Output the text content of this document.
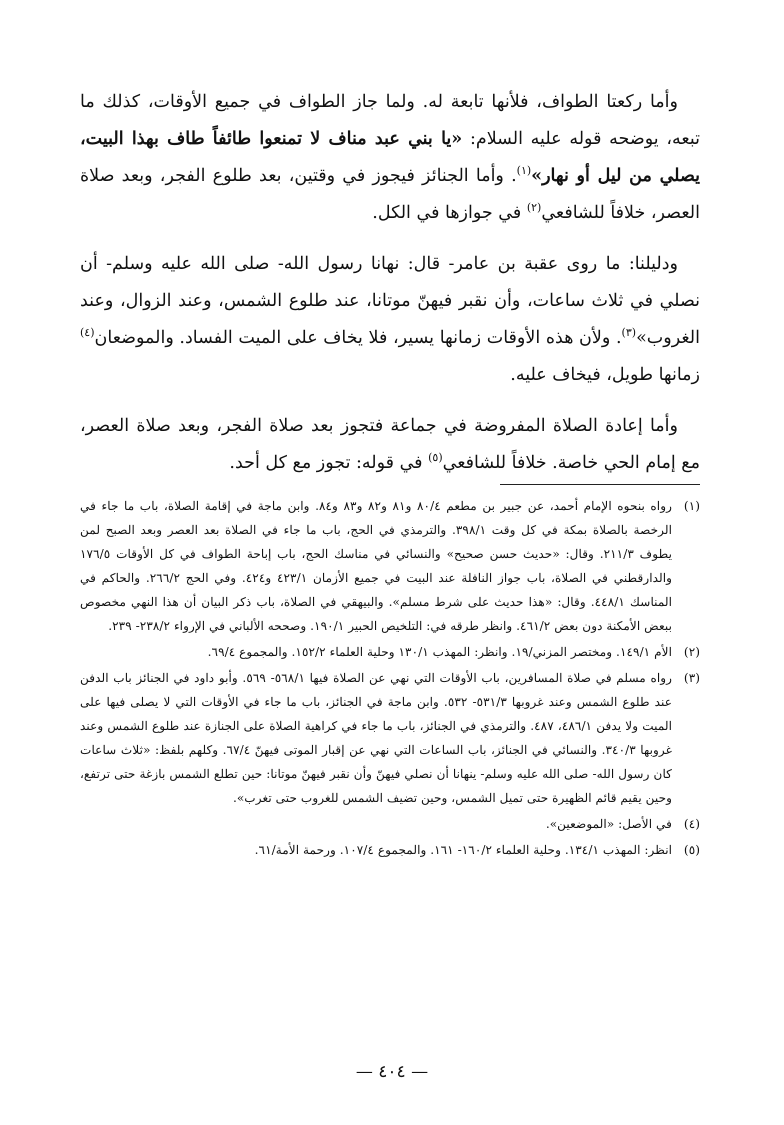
وأما ركعتا الطواف، فلأنها تابعة له. ولما جاز الطواف في جميع الأوقات، كذلك ما تبعه، يوضحه قوله عليه السلام: «يا بني عبد مناف لا تمنعوا طائفاً طاف بهذا البيت، يصلي من ليل أو نهار»$^{(١)}$. وأما الجنائز فيجوز في وقتين، بعد طلوع الفجر، وبعد صلاة العصر، خلافاً للشافعي$^{(٢)}$ في جوازها في الكل.

ودليلنا: ما روى عقبة بن عامر- قال: نهانا رسول الله- صلى الله عليه وسلم- أن نصلي في ثلاث ساعات، وأن نقبر فيهنّ موتانا، عند طلوع الشمس، وعند الزوال، وعند الغروب»$^{(٣)}$. ولأن هذه الأوقات زمانها يسير، فلا يخاف على الميت الفساد. والموضعان$^{(٤)}$ زمانها طويل، فيخاف عليه.

وأما إعادة الصلاة المفروضة في جماعة فتجوز بعد صلاة الفجر، وبعد صلاة العصر، مع إمام الحي خاصة. خلافاً للشافعي$^{(٥)}$ في قوله: تجوز مع كل أحد.

(١)
رواه بنحوه الإمام أحمد، عن جبير بن مطعم ٨٠/٤ و٨١ و٨٢ و٨٣ و٨٤. وابن ماجة في إقامة الصلاة، باب ما جاء في الرخصة بالصلاة بمكة في كل وقت ٣٩٨/١. والترمذي في الحج، باب ما جاء في الصلاة بعد العصر وبعد الصبح لمن يطوف ٢١١/٣. وقال: «حديث حسن صحيح» والنسائي في مناسك الحج، باب إباحة الطواف في كل الأوقات ١٧٦/٥ والدارقطني في الصلاة، باب جواز النافلة عند البيت في جميع الأزمان ٤٢٣/١ و٤٢٤. وفي الحج ٢٦٦/٢. والحاكم في المناسك ٤٤٨/١. وقال: «هذا حديث على شرط مسلم». والبيهقي في الصلاة، باب ذكر البيان أن هذا النهي مخصوص ببعض الأمكنة دون بعض ٤٦١/٢. وانظر طرقه في: التلخيص الحبير ١٩٠/١. وصححه الألباني في الإرواء ٢٣٨/٢- ٢٣٩.
(٢)
الأم ١٤٩/١. ومختصر المزني/١٩. وانظر: المهذب ١٣٠/١ وحلية العلماء ١٥٢/٢. والمجموع ٦٩/٤.
(٣)
رواه مسلم في صلاة المسافرين، باب الأوقات التي نهي عن الصلاة فيها ٥٦٨/١- ٥٦٩. وأبو داود في الجنائز باب الدفن عند طلوع الشمس وعند غروبها ٥٣١/٣- ٥٣٢. وابن ماجة في الجنائز، باب ما جاء في الأوقات التي لا يصلى فيها على الميت ولا يدفن ٤٨٦/١، ٤٨٧. والترمذي في الجنائز، باب ما جاء في كراهية الصلاة على الجنازة عند طلوع الشمس وعند غروبها ٣٤٠/٣. والنسائي في الجنائز، باب الساعات التي نهي عن إقبار الموتى فيهنّ ٦٧/٤. وكلهم بلفظ: «ثلاث ساعات كان رسول الله- صلى الله عليه وسلم- ينهانا أن نصلي فيهنّ وأن نقبر فيهنّ موتانا: حين تطلع الشمس بازغة حتى ترتفع، وحين يقيم قائم الظهيرة حتى تميل الشمس، وحين تضيف الشمس للغروب حتى تغرب».
(٤)
في الأصل: «الموضعين».
(٥)
انظر: المهذب ١٣٤/١. وحلية العلماء ١٦٠/٢- ١٦١. والمجموع ١٠٧/٤. ورحمة الأمة/٦١.
— ٤٠٤ —
